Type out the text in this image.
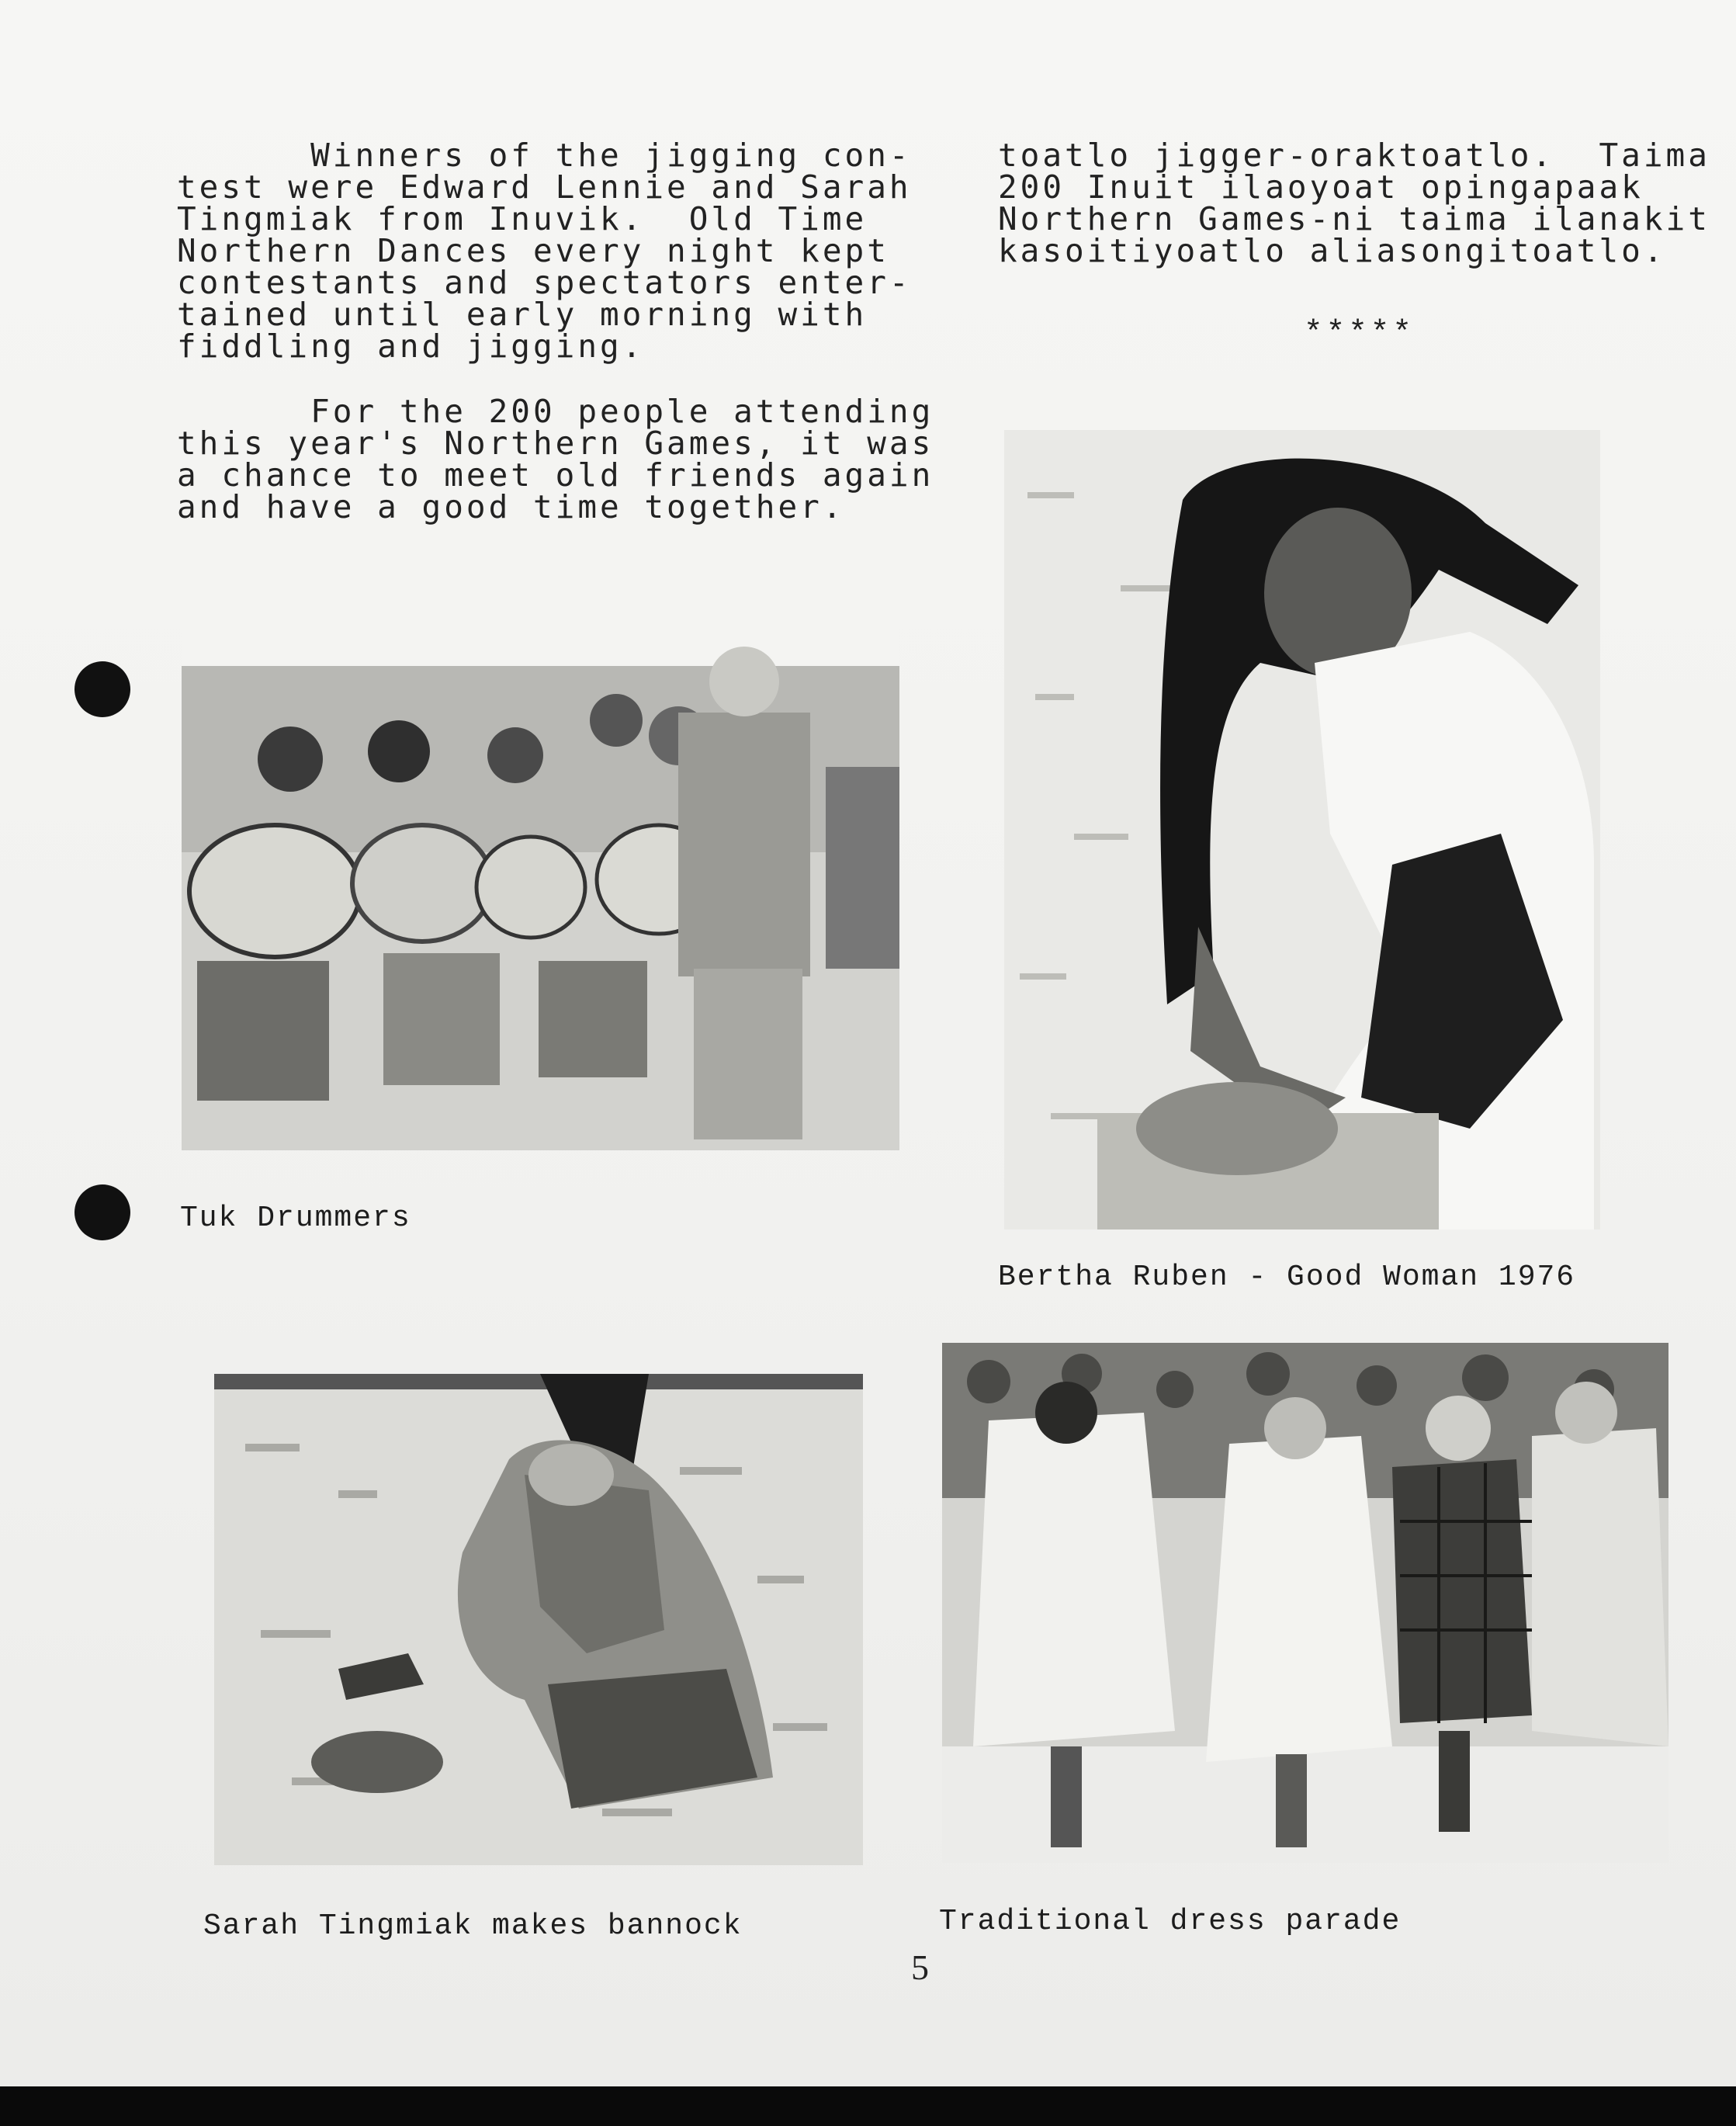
Winners of the jigging con-
test were Edward Lennie and Sarah
Tingmiak from Inuvik.  Old Time
Northern Dances every night kept
contestants and spectators enter-
tained until early morning with
fiddling and jigging.
For the 200 people attending
this year's Northern Games, it was
a chance to meet old friends again
and have a good time together.
toatlo jigger-oraktoatlo.  Taima
200 Inuit ilaoyoat opingapaak
Northern Games-ni taima ilanakit
kasoitiyoatlo aliasongitoatlo.
*****
Tuk Drummers
Bertha Ruben - Good Woman 1976
Sarah Tingmiak makes bannock	Traditional dress parade
5
